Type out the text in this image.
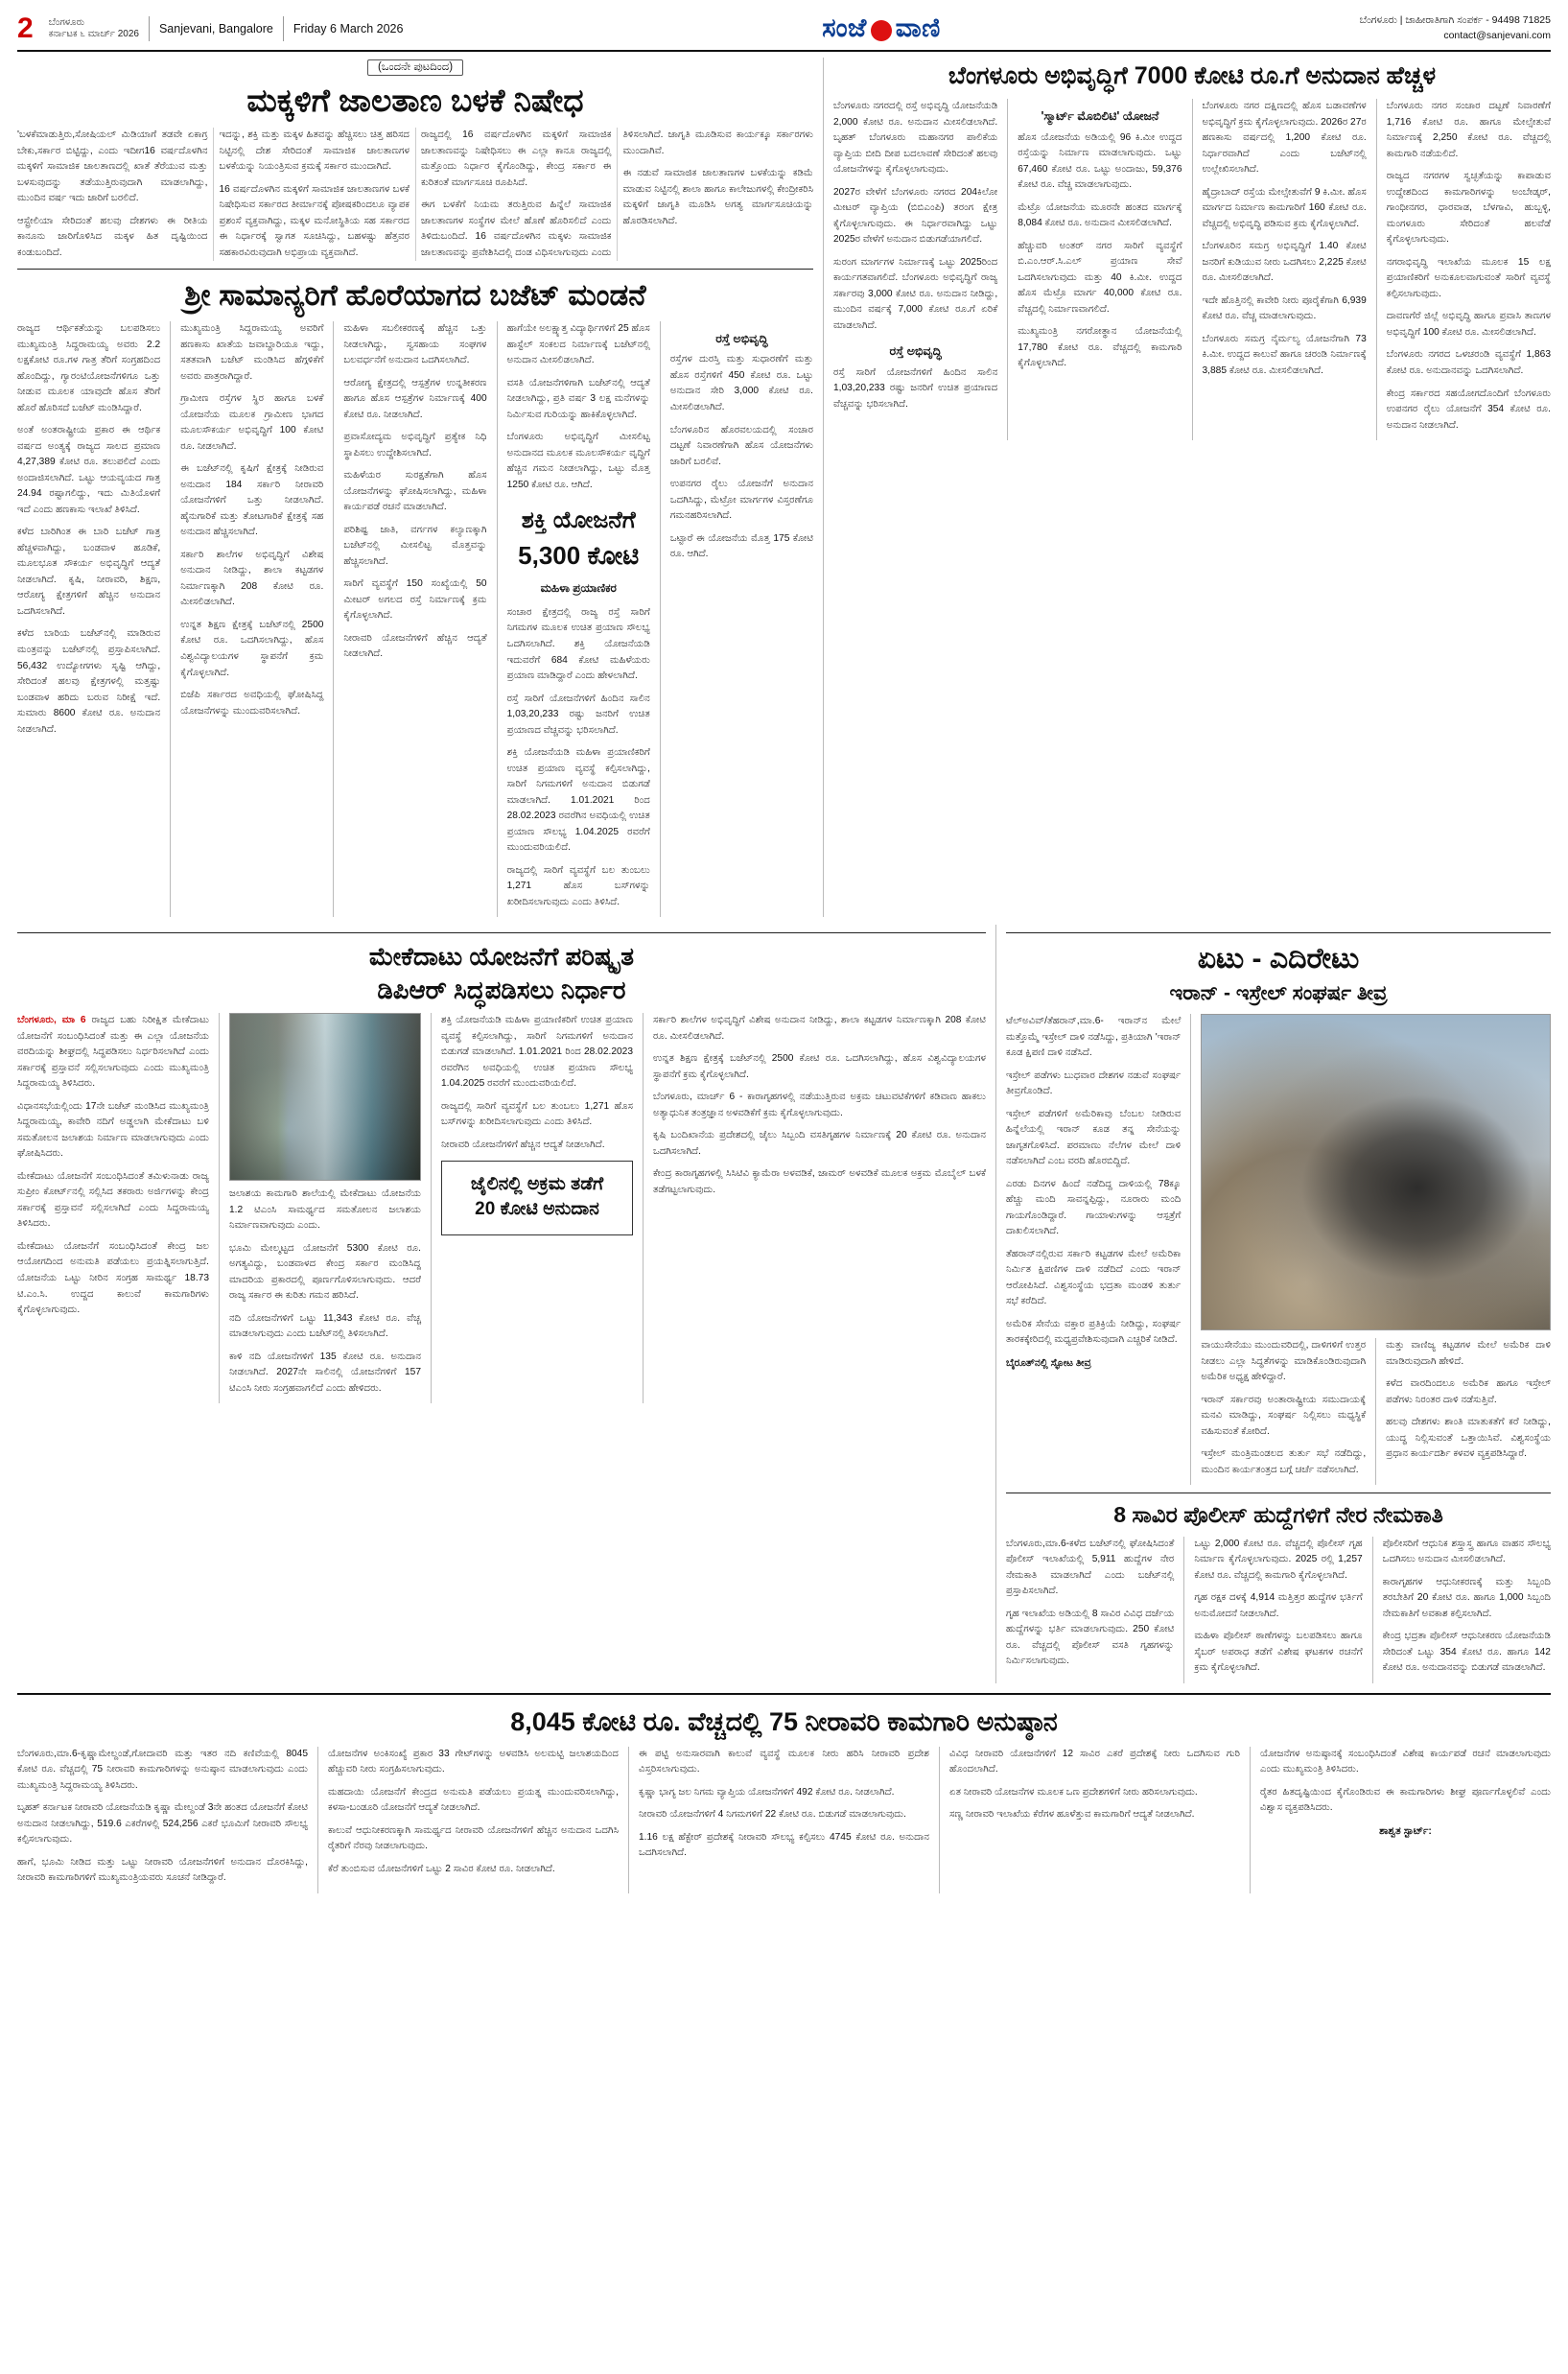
2	ಬೆಂಗಳೂರು
ಕರ್ನಾಟಕ ೬ ಮಾರ್ಚ್ 2026 Sanjevani, Bangalore Friday 6 March 2026	ಸಂಜೆ ವಾಣಿ	ಬೆಂಗಳೂರು | ಜಾಹೀರಾತಿಗಾಗಿ ಸಂಪರ್ಕ - 94498 71825
contact@sanjevani.com
(ಒಂದನೇ ಪುಟದಿಂದ)
ಮಕ್ಕಳಿಗೆ ಜಾಲತಾಣ ಬಳಕೆ ನಿಷೇಧ

'ಬಳಕೆಮಾಡುತ್ತಿರು,ಸೋಷಿಯಲ್‌ ಮಿಡಿಯಾಗೆ ತಡವೇ ಏಕಾಗ್ರ ಬೇಕು,ಸರ್ಕಾರ ಬಿಟ್ಟಿದ್ದು, ಎಂದು ಇದೀಗ16 ವರ್ಷದೊಳಗಿನ ಮಕ್ಕಳಿಗೆ ಸಾಮಾಜಿಕ ಜಾಲತಾಣದಲ್ಲಿ ಖಾತೆ ತೆರೆಯುವ ಮತ್ತು ಬಳಸುವುದನ್ನು ತಡೆಯುತ್ತಿರುವುದಾಗಿ ಮಾಡಲಾಗಿದ್ದು, ಮುಂದಿನ ವರ್ಷ ಇದು ಜಾರಿಗೆ ಬರಲಿದೆ.

ಆಸ್ಟ್ರೇಲಿಯಾ ಸೇರಿದಂತೆ ಹಲವು ದೇಶಗಳು ಈ ರೀತಿಯ ಕಾನೂನು ಜಾರಿಗೊಳಿಸಿದ ಮಕ್ಕಳ ಹಿತ ದೃಷ್ಟಿಯಿಂದ ಕಂಡುಬಂದಿದೆ.

ಇದನ್ನು, ಶಕ್ತಿ ಮತ್ತು ಮಕ್ಕಳ ಹಿತವನ್ನು ಹೆಚ್ಚಿಸಲು ಚಿತ್ತ ಹರಿಸದ ನಿಟ್ಟಿನಲ್ಲಿ ದೇಶ ಸೇರಿದಂತೆ ಸಾಮಾಜಿಕ ಜಾಲತಾಣಗಳ ಬಳಕೆಯನ್ನು ನಿಯಂತ್ರಿಸುವ ಕ್ರಮಕ್ಕೆ ಸರ್ಕಾರ ಮುಂದಾಗಿದೆ.

16 ವರ್ಷದೊಳಗಿನ ಮಕ್ಕಳಿಗೆ ಸಾಮಾಜಿಕ ಜಾಲತಾಣಗಳ ಬಳಕೆ ನಿಷೇಧಿಸುವ ಸರ್ಕಾರದ ತೀರ್ಮಾನಕ್ಕೆ ಪೋಷಕರಿಂದಲೂ ವ್ಯಾಪಕ ಪ್ರಶಂಸೆ ವ್ಯಕ್ತವಾಗಿದ್ದು, ಮಕ್ಕಳ ಮನೋಸ್ಥಿತಿಯ ಸಹ ಸರ್ಕಾರದ ಈ ನಿರ್ಧಾರಕ್ಕೆ ಸ್ವಾಗತ ಸೂಚಿಸಿದ್ದು, ಬಹಳಷ್ಟು ಹೆತ್ತವರ ಸಹಕಾರವಿರುವುದಾಗಿ ಅಭಿಪ್ರಾಯ ವ್ಯಕ್ತವಾಗಿದೆ.

ರಾಜ್ಯದಲ್ಲಿ 16 ವರ್ಷದೊಳಗಿನ ಮಕ್ಕಳಿಗೆ ಸಾಮಾಜಿಕ ಜಾಲತಾಣವನ್ನು ನಿಷೇಧಿಸಲು ಈ ಎಲ್ಲಾ ಕಾನೂ ರಾಜ್ಯದಲ್ಲಿ ಮತ್ತೊಂದು ನಿರ್ಧಾರ ಕೈಗೊಂಡಿದ್ದು, ಕೇಂದ್ರ ಸರ್ಕಾರ ಈ ಕುರಿತಂತೆ ಮಾರ್ಗಸೂಚಿ ರೂಪಿಸಿದೆ.

ಈಗ ಬಳಕೆಗೆ ನಿಯಮ ತರುತ್ತಿರುವ ಹಿನ್ನೆಲೆ ಸಾಮಾಜಿಕ ಜಾಲತಾಣಗಳ ಸಂಸ್ಥೆಗಳ ಮೇಲೆ ಹೊಣೆ ಹೊರಿಸಲಿದೆ ಎಂದು ತಿಳಿದುಬಂದಿದೆ. 16 ವರ್ಷದೊಳಗಿನ ಮಕ್ಕಳು ಸಾಮಾಜಿಕ ಜಾಲತಾಣವನ್ನು ಪ್ರವೇಶಿಸಿದಲ್ಲಿ ದಂಡ ವಿಧಿಸಲಾಗುವುದು ಎಂದು ತಿಳಿಸಲಾಗಿದೆ. ಜಾಗೃತಿ ಮೂಡಿಸುವ ಕಾರ್ಯಕ್ಕೂ ಸರ್ಕಾರಗಳು ಮುಂದಾಗಿವೆ.

ಈ ನಡುವೆ ಸಾಮಾಜಿಕ ಜಾಲತಾಣಗಳ ಬಳಕೆಯನ್ನು ಕಡಿಮೆ ಮಾಡುವ ನಿಟ್ಟಿನಲ್ಲಿ ಶಾಲಾ ಹಾಗೂ ಕಾಲೇಜುಗಳಲ್ಲಿ ಕೇಂದ್ರೀಕರಿಸಿ ಮಕ್ಕಳಿಗೆ ಜಾಗೃತಿ ಮೂಡಿಸಿ ಅಗತ್ಯ ಮಾರ್ಗಸೂಚಿಯನ್ನು ಹೊರಡಿಸಲಾಗಿದೆ.

ಶ್ರೀ ಸಾಮಾನ್ಯರಿಗೆ ಹೊರೆಯಾಗದ ಬಜೆಟ್‌ ಮಂಡನೆ

ರಾಜ್ಯದ ಆರ್ಥಿಕತೆಯನ್ನು ಬಲಪಡಿಸಲು ಮುಖ್ಯಮಂತ್ರಿ ಸಿದ್ದರಾಮಯ್ಯ ಅವರು 2.2 ಲಕ್ಷಕೋಟಿ ರೂ.ಗಳ ಗಾತ್ರ ತೆರಿಗೆ ಸಂಗ್ರಹದಿಂದ ಹೊಂದಿದ್ದು, ಗ್ಯಾರಂಟಿಯೋಜನೆಗಳಿಗೂ ಒತ್ತು ನೀಡುವ ಮೂಲಕ ಯಾವುದೇ ಹೊಸ ತೆರಿಗೆ ಹೊರೆ ಹೊರಿಸದೆ ಬಜೆಟ್‌ ಮಂಡಿಸಿದ್ದಾರೆ.

ಅಂತೆ ಅಂತರಾಷ್ಟ್ರೀಯ ಪ್ರಕಾರ ಈ ಆರ್ಥಿಕ ವರ್ಷದ ಅಂತ್ಯಕ್ಕೆ ರಾಜ್ಯದ ಸಾಲದ ಪ್ರಮಾಣ 4,27,389 ಕೋಟಿ ರೂ. ತಲುಪಲಿದೆ ಎಂದು ಅಂದಾಜಿಸಲಾಗಿದೆ. ಒಟ್ಟು ಆಯವ್ಯಯದ ಗಾತ್ರ 24.94 ರಷ್ಟಾಗಲಿದ್ದು, ಇದು ಮಿತಿಯೊಳಗೆ ಇದೆ ಎಂದು ಹಣಕಾಸು ಇಲಾಖೆ ತಿಳಿಸಿದೆ.

ಕಳೆದ ಬಾರಿಗಿಂತ ಈ ಬಾರಿ ಬಜೆಟ್‌ ಗಾತ್ರ ಹೆಚ್ಚಳವಾಗಿದ್ದು, ಬಂಡವಾಳ ಹೂಡಿಕೆ, ಮೂಲಭೂತ ಸೌಕರ್ಯ ಅಭಿವೃದ್ಧಿಗೆ ಆದ್ಯತೆ ನೀಡಲಾಗಿದೆ. ಕೃಷಿ, ನೀರಾವರಿ, ಶಿಕ್ಷಣ, ಆರೋಗ್ಯ ಕ್ಷೇತ್ರಗಳಿಗೆ ಹೆಚ್ಚಿನ ಅನುದಾನ ಒದಗಿಸಲಾಗಿದೆ.

ಕಳೆದ ಬಾರಿಯ ಬಜೆಟ್‌ನಲ್ಲಿ ಮಾಡಿರುವ ಮಂತ್ರವನ್ನು ಬಜೆಟ್‌ನಲ್ಲಿ ಪ್ರಸ್ತಾಪಿಸಲಾಗಿದೆ. 56,432 ಉದ್ಯೋಗಗಳು ಸೃಷ್ಟಿ ಆಗಿದ್ದು, ಸೇರಿದಂತೆ ಹಲವು ಕ್ಷೇತ್ರಗಳಲ್ಲಿ ಮತ್ತಷ್ಟು ಬಂಡವಾಳ ಹರಿದು ಬರುವ ನಿರೀಕ್ಷೆ ಇದೆ. ಸುಮಾರು 8600 ಕೋಟಿ ರೂ. ಅನುದಾನ ನೀಡಲಾಗಿದೆ.

ಮುಖ್ಯಮಂತ್ರಿ ಸಿದ್ದರಾಮಯ್ಯ ಅವರಿಗೆ ಹಣಕಾಸು ಖಾತೆಯ ಜವಾಬ್ದಾರಿಯೂ ಇದ್ದು, ಸತತವಾಗಿ ಬಜೆಟ್‌ ಮಂಡಿಸಿದ ಹೆಗ್ಗಳಿಕೆಗೆ ಅವರು ಪಾತ್ರರಾಗಿದ್ದಾರೆ.

ಗ್ರಾಮೀಣ ರಸ್ತೆಗಳ ಸ್ಥಿರ ಹಾಗೂ ಬಳಕೆ ಯೋಜನೆಯ ಮೂಲಕ ಗ್ರಾಮೀಣ ಭಾಗದ ಮೂಲಸೌಕರ್ಯ ಅಭಿವೃದ್ಧಿಗೆ 100 ಕೋಟಿ ರೂ. ನೀಡಲಾಗಿದೆ.

ಈ ಬಜೆಟ್‌ನಲ್ಲಿ ಕೃಷಿಗೆ ಕ್ಷೇತ್ರಕ್ಕೆ ನೀಡಿರುವ ಅನುದಾನ 184 ಸರ್ಕಾರಿ ನೀರಾವರಿ ಯೋಜನೆಗಳಿಗೆ ಒತ್ತು ನೀಡಲಾಗಿದೆ. ಹೈನುಗಾರಿಕೆ ಮತ್ತು ತೋಟಗಾರಿಕೆ ಕ್ಷೇತ್ರಕ್ಕೆ ಸಹ ಅನುದಾನ ಹೆಚ್ಚಿಸಲಾಗಿದೆ.

ಸರ್ಕಾರಿ ಶಾಲೆಗಳ ಅಭಿವೃದ್ಧಿಗೆ ವಿಶೇಷ ಅನುದಾನ ನೀಡಿದ್ದು, ಶಾಲಾ ಕಟ್ಟಡಗಳ ನಿರ್ಮಾಣಕ್ಕಾಗಿ 208 ಕೋಟಿ ರೂ. ಮೀಸಲಿಡಲಾಗಿದೆ.

ಉನ್ನತ ಶಿಕ್ಷಣ ಕ್ಷೇತ್ರಕ್ಕೆ ಬಜೆಟ್‌ನಲ್ಲಿ 2500 ಕೋಟಿ ರೂ. ಒದಗಿಸಲಾಗಿದ್ದು, ಹೊಸ ವಿಶ್ವವಿದ್ಯಾಲಯಗಳ ಸ್ಥಾಪನೆಗೆ ಕ್ರಮ ಕೈಗೊಳ್ಳಲಾಗಿದೆ.

ಬಿಜೆಪಿ ಸರ್ಕಾರದ ಅವಧಿಯಲ್ಲಿ ಘೋಷಿಸಿದ್ದ ಯೋಜನೆಗಳನ್ನು ಮುಂದುವರಿಸಲಾಗಿದೆ.

ಮಹಿಳಾ ಸಬಲೀಕರಣಕ್ಕೆ ಹೆಚ್ಚಿನ ಒತ್ತು ನೀಡಲಾಗಿದ್ದು, ಸ್ವಸಹಾಯ ಸಂಘಗಳ ಬಲವರ್ಧನೆಗೆ ಅನುದಾನ ಒದಗಿಸಲಾಗಿದೆ.

ಆರೋಗ್ಯ ಕ್ಷೇತ್ರದಲ್ಲಿ ಆಸ್ಪತ್ರೆಗಳ ಉನ್ನತೀಕರಣ ಹಾಗೂ ಹೊಸ ಆಸ್ಪತ್ರೆಗಳ ನಿರ್ಮಾಣಕ್ಕೆ 400 ಕೋಟಿ ರೂ. ನೀಡಲಾಗಿದೆ.

ಪ್ರವಾಸೋದ್ಯಮ ಅಭಿವೃದ್ಧಿಗೆ ಪ್ರತ್ಯೇಕ ನಿಧಿ ಸ್ಥಾಪಿಸಲು ಉದ್ದೇಶಿಸಲಾಗಿದೆ.

ಮಹಿಳೆಯರ ಸುರಕ್ಷತೆಗಾಗಿ ಹೊಸ ಯೋಜನೆಗಳನ್ನು ಘೋಷಿಸಲಾಗಿದ್ದು, ಮಹಿಳಾ ಕಾರ್ಯಪಡೆ ರಚನೆ ಮಾಡಲಾಗಿದೆ.

ಪರಿಶಿಷ್ಟ ಜಾತಿ, ವರ್ಗಗಳ ಕಲ್ಯಾಣಕ್ಕಾಗಿ ಬಜೆಟ್‌ನಲ್ಲಿ ಮೀಸಲಿಟ್ಟ ಮೊತ್ತವನ್ನು ಹೆಚ್ಚಿಸಲಾಗಿದೆ.

ಸಾರಿಗೆ ವ್ಯವಸ್ಥೆಗೆ 150 ಸಂಖ್ಯೆಯಲ್ಲಿ 50 ಮೀಟರ್ ಅಗಲದ ರಸ್ತೆ ನಿರ್ಮಾಣಕ್ಕೆ ಕ್ರಮ ಕೈಗೊಳ್ಳಲಾಗಿದೆ.

ನೀರಾವರಿ ಯೋಜನೆಗಳಿಗೆ ಹೆಚ್ಚಿನ ಆದ್ಯತೆ ನೀಡಲಾಗಿದೆ.

ಹಾಗೆಯೇ ಅಲಕ್ಷ್ಯಾತ್ತ ವಿದ್ಯಾರ್ಥಿಗಳಿಗೆ 25 ಹೊಸ ಹಾಸ್ಟೆಲ್‌ ಸಂಕಲದ ನಿರ್ಮಾಣಕ್ಕೆ ಬಜೆಟ್‌ನಲ್ಲಿ ಅನುದಾನ ಮೀಸಲಿಡಲಾಗಿದೆ.

ವಸತಿ ಯೋಜನೆಗಳಿಗಾಗಿ ಬಜೆಟ್‌ನಲ್ಲಿ ಆದ್ಯತೆ ನೀಡಲಾಗಿದ್ದು, ಪ್ರತಿ ವರ್ಷ 3 ಲಕ್ಷ ಮನೆಗಳನ್ನು ನಿರ್ಮಿಸುವ ಗುರಿಯನ್ನು ಹಾಕಿಕೊಳ್ಳಲಾಗಿದೆ.

ಬೆಂಗಳೂರು ಅಭಿವೃದ್ಧಿಗೆ ಮೀಸಲಿಟ್ಟ ಅನುದಾನದ ಮೂಲಕ ಮೂಲಸೌಕರ್ಯ ವೃದ್ಧಿಗೆ ಹೆಚ್ಚಿನ ಗಮನ ನೀಡಲಾಗಿದ್ದು, ಒಟ್ಟು ಮೊತ್ತ 1250 ಕೋಟಿ ರೂ. ಆಗಿದೆ.

ಶಕ್ತಿ ಯೋಜನೆಗೆ
5,300 ಕೋಟಿ
ಮಹಿಳಾ ಪ್ರಯಾಣಿಕರ

ಸಂಚಾರ ಕ್ಷೇತ್ರದಲ್ಲಿ ರಾಜ್ಯ ರಸ್ತೆ ಸಾರಿಗೆ ನಿಗಮಗಳ ಮೂಲಕ ಉಚಿತ ಪ್ರಯಾಣ ಸೌಲಭ್ಯ ಒದಗಿಸಲಾಗಿದೆ. ಶಕ್ತಿ ಯೋಜನೆಯಡಿ ಇದುವರೆಗೆ 684 ಕೋಟಿ ಮಹಿಳೆಯರು ಪ್ರಯಾಣ ಮಾಡಿದ್ದಾರೆ ಎಂದು ಹೇಳಲಾಗಿದೆ.

ರಸ್ತೆ ಸಾರಿಗೆ ಯೋಜನೆಗಳಿಗೆ ಹಿಂದಿನ ಸಾಲಿನ 1,03,20,233 ರಷ್ಟು ಜನರಿಗೆ ಉಚಿತ ಪ್ರಯಾಣದ ವೆಚ್ಚವನ್ನು ಭರಿಸಲಾಗಿದೆ.

ಶಕ್ತಿ ಯೋಜನೆಯಡಿ ಮಹಿಳಾ ಪ್ರಯಾಣಿಕರಿಗೆ ಉಚಿತ ಪ್ರಯಾಣ ವ್ಯವಸ್ಥೆ ಕಲ್ಪಿಸಲಾಗಿದ್ದು, ಸಾರಿಗೆ ನಿಗಮಗಳಿಗೆ ಅನುದಾನ ಬಿಡುಗಡೆ ಮಾಡಲಾಗಿದೆ. 1.01.2021 ರಿಂದ 28.02.2023 ರವರೆಗಿನ ಅವಧಿಯಲ್ಲಿ ಉಚಿತ ಪ್ರಯಾಣ ಸೌಲಭ್ಯ 1.04.2025 ರವರೆಗೆ ಮುಂದುವರಿಯಲಿದೆ.

ರಾಜ್ಯದಲ್ಲಿ ಸಾರಿಗೆ ವ್ಯವಸ್ಥೆಗೆ ಬಲ ತುಂಬಲು 1,271 ಹೊಸ ಬಸ್‌ಗಳನ್ನು ಖರೀದಿಸಲಾಗುವುದು ಎಂದು ತಿಳಿಸಿದೆ.

ರಸ್ತೆ ಅಭಿವೃದ್ಧಿ

ರಸ್ತೆಗಳ ದುರಸ್ತಿ ಮತ್ತು ಸುಧಾರಣೆಗೆ ಮತ್ತು ಹೊಸ ರಸ್ತೆಗಳಿಗೆ 450 ಕೋಟಿ ರೂ. ಒಟ್ಟು ಅನುದಾನ ಸೇರಿ 3,000 ಕೋಟಿ ರೂ. ಮೀಸಲಿಡಲಾಗಿದೆ.

ಬೆಂಗಳೂರಿನ ಹೊರವಲಯದಲ್ಲಿ ಸಂಚಾರ ದಟ್ಟಣೆ ನಿವಾರಣೆಗಾಗಿ ಹೊಸ ಯೋಜನೆಗಳು ಜಾರಿಗೆ ಬರಲಿವೆ.

ಉಪನಗರ ರೈಲು ಯೋಜನೆಗೆ ಅನುದಾನ ಒದಗಿಸಿದ್ದು, ಮೆಟ್ರೋ ಮಾರ್ಗಗಳ ವಿಸ್ತರಣೆಗೂ ಗಮನಹರಿಸಲಾಗಿದೆ.

ಒಟ್ಟಾರೆ ಈ ಯೋಜನೆಯ ಮೊತ್ತ 175 ಕೋಟಿ ರೂ. ಆಗಿದೆ.

ಬೆಂಗಳೂರು ಅಭಿವೃದ್ಧಿಗೆ 7000 ಕೋಟಿ ರೂ.ಗೆ ಅನುದಾನ ಹೆಚ್ಚಳ

ಬೆಂಗಳೂರು ನಗರದಲ್ಲಿ ರಸ್ತೆ ಅಭಿವೃದ್ಧಿ ಯೋಜನೆಯಡಿ 2,000 ಕೋಟಿ ರೂ. ಅನುದಾನ ಮೀಸಲಿಡಲಾಗಿದೆ. ಬೃಹತ್ ಬೆಂಗಳೂರು ಮಹಾನಗರ ಪಾಲಿಕೆಯ ವ್ಯಾಪ್ತಿಯ ಬೀದಿ ದೀಪ ಬದಲಾವಣೆ ಸೇರಿದಂತೆ ಹಲವು ಯೋಜನೆಗಳನ್ನು ಕೈಗೊಳ್ಳಲಾಗುವುದು.

2027ರ ವೇಳೆಗೆ ಬೆಂಗಳೂರು ನಗರದ 204ಕಿಲೋ ಮೀಟರ್ ವ್ಯಾಪ್ತಿಯ (ಬಿಬಿಎಂಪಿ) ತರಂಗ ಕ್ಷೇತ್ರ ಕೈಗೊಳ್ಳಲಾಗುವುದು. ಈ ನಿರ್ಧಾರವಾಗಿದ್ದು ಒಟ್ಟು 2025ರ ವೇಳೆಗೆ ಅನುದಾನ ಬಿಡುಗಡೆಯಾಗಲಿದೆ.

ಸುರಂಗ ಮಾರ್ಗಗಳ ನಿರ್ಮಾಣಕ್ಕೆ ಒಟ್ಟು 2025ರಿಂದ ಕಾರ್ಯಗತವಾಗಲಿದೆ. ಬೆಂಗಳೂರು ಅಭಿವೃದ್ಧಿಗೆ ರಾಜ್ಯ ಸರ್ಕಾರವು 3,000 ಕೋಟಿ ರೂ. ಅನುದಾನ ನೀಡಿದ್ದು, ಮುಂದಿನ ವರ್ಷಕ್ಕೆ 7,000 ಕೋಟಿ ರೂ.ಗೆ ಏರಿಕೆ ಮಾಡಲಾಗಿದೆ.

ರಸ್ತೆ ಅಭಿವೃದ್ಧಿ

ರಸ್ತೆ ಸಾರಿಗೆ ಯೋಜನೆಗಳಿಗೆ ಹಿಂದಿನ ಸಾಲಿನ 1,03,20,233 ರಷ್ಟು ಜನರಿಗೆ ಉಚಿತ ಪ್ರಯಾಣದ ವೆಚ್ಚವನ್ನು ಭರಿಸಲಾಗಿದೆ.

'ಸ್ಮಾರ್ಟ್‌ ಮೊಬಿಲಿಟಿ' ಯೋಜನೆ

ಹೊಸ ಯೋಜನೆಯ ಅಡಿಯಲ್ಲಿ 96 ಕಿ.ಮೀ ಉದ್ದದ ರಸ್ತೆಯನ್ನು ನಿರ್ಮಾಣ ಮಾಡಲಾಗುವುದು. ಒಟ್ಟು 67,460 ಕೋಟಿ ರೂ. ಒಟ್ಟು ಅಂದಾಜು, 59,376 ಕೋಟಿ ರೂ. ವೆಚ್ಚ ಮಾಡಲಾಗುವುದು.

ಮೆಟ್ರೊ ಯೋಜನೆಯ ಮೂರನೇ ಹಂತದ ಮಾರ್ಗಕ್ಕೆ 8,084 ಕೋಟಿ ರೂ. ಅನುದಾನ ಮೀಸಲಿಡಲಾಗಿದೆ.

ಹೆಚ್ಚುವರಿ ಅಂತರ್ ನಗರ ಸಾರಿಗೆ ವ್ಯವಸ್ಥೆಗೆ ಬಿ.ಎಂ.ಆರ್.ಸಿ.ಎಲ್ ಪ್ರಯಾಣ ಸೇವೆ ಒದಗಿಸಲಾಗುವುದು ಮತ್ತು 40 ಕಿ.ಮೀ. ಉದ್ದದ ಹೊಸ ಮೆಟ್ರೊ ಮಾರ್ಗ 40,000 ಕೋಟಿ ರೂ. ವೆಚ್ಚದಲ್ಲಿ ನಿರ್ಮಾಣವಾಗಲಿದೆ.

ಮುಖ್ಯಮಂತ್ರಿ ನಗರೋತ್ಥಾನ ಯೋಜನೆಯಲ್ಲಿ 17,780 ಕೋಟಿ ರೂ. ವೆಚ್ಚದಲ್ಲಿ ಕಾಮಗಾರಿ ಕೈಗೊಳ್ಳಲಾಗಿದೆ.

ಬೆಂಗಳೂರು ನಗರ ದಕ್ಷಿಣದಲ್ಲಿ ಹೊಸ ಬಡಾವಣೆಗಳ ಅಭಿವೃದ್ಧಿಗೆ ಕ್ರಮ ಕೈಗೊಳ್ಳಲಾಗುವುದು. 2026ರ 27ರ ಹಣಕಾಸು ವರ್ಷದಲ್ಲಿ 1,200 ಕೋಟಿ ರೂ. ನಿರ್ಧಾರವಾಗಿದೆ ಎಂದು ಬಜೆಟ್‌ನಲ್ಲಿ ಉಲ್ಲೇಖಿಸಲಾಗಿದೆ.

ಹೈದ್ರಾಬಾದ್ ರಸ್ತೆಯ ಮೇಲ್ಸೇತುವೆಗೆ 9 ಕಿ.ಮೀ. ಹೊಸ ಮಾರ್ಗದ ನಿರ್ಮಾಣ ಕಾಮಗಾರಿಗೆ 160 ಕೋಟಿ ರೂ. ವೆಚ್ಚದಲ್ಲಿ ಅಭಿವೃದ್ಧಿ ಪಡಿಸುವ ಕ್ರಮ ಕೈಗೊಳ್ಳಲಾಗಿದೆ.

ಬೆಂಗಳೂರಿನ ಸಮಗ್ರ ಅಭಿವೃದ್ಧಿಗೆ 1.40 ಕೋಟಿ ಜನರಿಗೆ ಕುಡಿಯುವ ನೀರು ಒದಗಿಸಲು 2,225 ಕೋಟಿ ರೂ. ಮೀಸಲಿಡಲಾಗಿದೆ.

ಇದೇ ಹೊತ್ತಿನಲ್ಲಿ ಕಾವೇರಿ ನೀರು ಪೂರೈಕೆಗಾಗಿ 6,939 ಕೋಟಿ ರೂ. ವೆಚ್ಚ ಮಾಡಲಾಗುವುದು.

ಬೆಂಗಳೂರು ಸಮಗ್ರ ನೈರ್ಮಲ್ಯ ಯೋಜನೆಗಾಗಿ 73 ಕಿ.ಮೀ. ಉದ್ದದ ಕಾಲುವೆ ಹಾಗೂ ಚರಂಡಿ ನಿರ್ಮಾಣಕ್ಕೆ 3,885 ಕೋಟಿ ರೂ. ಮೀಸಲಿಡಲಾಗಿದೆ.

ಬೆಂಗಳೂರು ನಗರ ಸಂಚಾರ ದಟ್ಟಣೆ ನಿವಾರಣೆಗೆ 1,716 ಕೋಟಿ ರೂ. ಹಾಗೂ ಮೇಲ್ಸೇತುವೆ ನಿರ್ಮಾಣಕ್ಕೆ 2,250 ಕೋಟಿ ರೂ. ವೆಚ್ಚದಲ್ಲಿ ಕಾಮಗಾರಿ ನಡೆಯಲಿದೆ.

ರಾಜ್ಯದ ನಗರಗಳ ಸ್ವಚ್ಛತೆಯನ್ನು ಕಾಪಾಡುವ ಉದ್ದೇಶದಿಂದ ಕಾಮಗಾರಿಗಳನ್ನು ಅಂಬೇಡ್ಕರ್, ಗಾಂಧೀನಗರ, ಧಾರವಾಡ, ಬೆಳಗಾವಿ, ಹುಬ್ಬಳ್ಳಿ, ಮಂಗಳೂರು ಸೇರಿದಂತೆ ಹಲವೆಡೆ ಕೈಗೊಳ್ಳಲಾಗುವುದು.

ನಗರಾಭಿವೃದ್ಧಿ ಇಲಾಖೆಯ ಮೂಲಕ 15 ಲಕ್ಷ ಪ್ರಯಾಣಿಕರಿಗೆ ಅನುಕೂಲವಾಗುವಂತೆ ಸಾರಿಗೆ ವ್ಯವಸ್ಥೆ ಕಲ್ಪಿಸಲಾಗುವುದು.

ದಾವಣಗೆರೆ ಜಿಲ್ಲೆ ಅಭಿವೃದ್ಧಿ ಹಾಗೂ ಪ್ರವಾಸಿ ತಾಣಗಳ ಅಭಿವೃದ್ಧಿಗೆ 100 ಕೋಟಿ ರೂ. ಮೀಸಲಿಡಲಾಗಿದೆ.

ಬೆಂಗಳೂರು ನಗರದ ಒಳಚರಂಡಿ ವ್ಯವಸ್ಥೆಗೆ 1,863 ಕೋಟಿ ರೂ. ಅನುದಾನವನ್ನು ಒದಗಿಸಲಾಗಿದೆ.

ಕೇಂದ್ರ ಸರ್ಕಾರದ ಸಹಯೋಗದೊಂದಿಗೆ ಬೆಂಗಳೂರು ಉಪನಗರ ರೈಲು ಯೋಜನೆಗೆ 354 ಕೋಟಿ ರೂ. ಅನುದಾನ ನೀಡಲಾಗಿದೆ.

ಮೇಕೆದಾಟು ಯೋಜನೆಗೆ ಪರಿಷ್ಕೃತ
ಡಿಪಿಆರ್ ಸಿದ್ಧಪಡಿಸಲು ನಿರ್ಧಾರ

ಬೆಂಗಳೂರು, ಮಾ 6 ರಾಜ್ಯದ ಬಹು ನಿರೀಕ್ಷಿತ ಮೇಕೆದಾಟು ಯೋಜನೆಗೆ ಸಂಬಂಧಿಸಿದಂತೆ ಮತ್ತು ಈ ಎಲ್ಲಾ ಯೋಜನೆಯ ವರದಿಯನ್ನು ಶೀಘ್ರದಲ್ಲಿ ಸಿದ್ಧಪಡಿಸಲು ನಿರ್ಧರಿಸಲಾಗಿದೆ ಎಂದು ಸರ್ಕಾರಕ್ಕೆ ಪ್ರಸ್ತಾವನೆ ಸಲ್ಲಿಸಲಾಗುವುದು ಎಂದು ಮುಖ್ಯಮಂತ್ರಿ ಸಿದ್ದರಾಮಯ್ಯ ತಿಳಿಸಿದರು.

ವಿಧಾನಸಭೆಯಲ್ಲಿಂದು 17ನೇ ಬಜೆಟ್ ಮಂಡಿಸಿದ ಮುಖ್ಯಮಂತ್ರಿ ಸಿದ್ದರಾಮಯ್ಯ, ಕಾವೇರಿ ನದಿಗೆ ಅಡ್ಡಲಾಗಿ ಮೇಕೆದಾಟು ಬಳಿ ಸಮತೋಲನ ಜಲಾಶಯ ನಿರ್ಮಾಣ ಮಾಡಲಾಗುವುದು ಎಂದು ಘೋಷಿಸಿದರು.

ಮೇಕೆದಾಟು ಯೋಜನೆಗೆ ಸಂಬಂಧಿಸಿದಂತೆ ತಮಿಳುನಾಡು ರಾಜ್ಯ ಸುಪ್ರೀಂ ಕೋರ್ಟ್‌ನಲ್ಲಿ ಸಲ್ಲಿಸಿದ ತಕರಾರು ಅರ್ಜಿಗಳನ್ನು ಕೇಂದ್ರ ಸರ್ಕಾರಕ್ಕೆ ಪ್ರಸ್ತಾವನೆ ಸಲ್ಲಿಸಲಾಗಿದೆ ಎಂದು ಸಿದ್ದರಾಮಯ್ಯ ತಿಳಿಸಿದರು.

ಮೇಕೆದಾಟು ಯೋಜನೆಗೆ ಸಂಬಂಧಿಸಿದಂತೆ ಕೇಂದ್ರ ಜಲ ಆಯೋಗದಿಂದ ಅನುಮತಿ ಪಡೆಯಲು ಪ್ರಯತ್ನಿಸಲಾಗುತ್ತಿದೆ. ಯೋಜನೆಯ ಒಟ್ಟು ನೀರಿನ ಸಂಗ್ರಹ ಸಾಮರ್ಥ್ಯ 18.73 ಟಿ.ಎಂ.ಸಿ. ಉದ್ದದ ಕಾಲುವೆ ಕಾಮಗಾರಿಗಳು ಕೈಗೊಳ್ಳಲಾಗುವುದು.

ಜಲಾಶಯ ಕಾಮಗಾರಿ ಶಾಲೆಯಲ್ಲಿ ಮೇಕೆದಾಟು ಯೋಜನೆಯ 1.2 ಟಿಎಂಸಿ ಸಾಮರ್ಥ್ಯದ ಸಮತೋಲನ ಜಲಾಶಯ ನಿರ್ಮಾಣವಾಗುವುದು ಎಂದು.

ಭೂಮಿ ಮೇಲ್ಮಟ್ಟದ ಯೋಜನೆಗೆ 5300 ಕೋಟಿ ರೂ. ಅಗತ್ಯವಿದ್ದು, ಬಂಡವಾಳದ ಕೇಂದ್ರ ಸರ್ಕಾರ ಮಂಡಿಸಿದ್ದ ಮಾದರಿಯ ಪ್ರಕಾರದಲ್ಲಿ ಪೂರ್ಣಗೊಳಿಸಲಾಗುವುದು. ಆದರೆ ರಾಜ್ಯ ಸರ್ಕಾರ ಈ ಕುರಿತು ಗಮನ ಹರಿಸಿದೆ.

ನದಿ ಯೋಜನೆಗಳಿಗೆ ಒಟ್ಟು 11,343 ಕೋಟಿ ರೂ. ವೆಚ್ಚ ಮಾಡಲಾಗುವುದು ಎಂದು ಬಜೆಟ್‌ನಲ್ಲಿ ತಿಳಿಸಲಾಗಿದೆ.

ಕಾಳಿ ನದಿ ಯೋಜನೆಗಳಿಗೆ 135 ಕೋಟಿ ರೂ. ಅನುದಾನ ನೀಡಲಾಗಿದೆ. 2027ನೇ ಸಾಲಿನಲ್ಲಿ ಯೋಜನೆಗಳಿಗೆ 157 ಟಿಎಂಸಿ ನೀರು ಸಂಗ್ರಹವಾಗಲಿದೆ ಎಂದು ಹೇಳಿದರು.

ಶಕ್ತಿ ಯೋಜನೆಯಡಿ ಮಹಿಳಾ ಪ್ರಯಾಣಿಕರಿಗೆ ಉಚಿತ ಪ್ರಯಾಣ ವ್ಯವಸ್ಥೆ ಕಲ್ಪಿಸಲಾಗಿದ್ದು, ಸಾರಿಗೆ ನಿಗಮಗಳಿಗೆ ಅನುದಾನ ಬಿಡುಗಡೆ ಮಾಡಲಾಗಿದೆ. 1.01.2021 ರಿಂದ 28.02.2023 ರವರೆಗಿನ ಅವಧಿಯಲ್ಲಿ ಉಚಿತ ಪ್ರಯಾಣ ಸೌಲಭ್ಯ 1.04.2025 ರವರೆಗೆ ಮುಂದುವರಿಯಲಿದೆ.

ರಾಜ್ಯದಲ್ಲಿ ಸಾರಿಗೆ ವ್ಯವಸ್ಥೆಗೆ ಬಲ ತುಂಬಲು 1,271 ಹೊಸ ಬಸ್‌ಗಳನ್ನು ಖರೀದಿಸಲಾಗುವುದು ಎಂದು ತಿಳಿಸಿದೆ.

ನೀರಾವರಿ ಯೋಜನೆಗಳಿಗೆ ಹೆಚ್ಚಿನ ಆದ್ಯತೆ ನೀಡಲಾಗಿದೆ.

ಜೈಲಿನಲ್ಲಿ ಅಕ್ರಮ ತಡೆಗೆ
20 ಕೋಟಿ ಅನುದಾನ

ಸರ್ಕಾರಿ ಶಾಲೆಗಳ ಅಭಿವೃದ್ಧಿಗೆ ವಿಶೇಷ ಅನುದಾನ ನೀಡಿದ್ದು, ಶಾಲಾ ಕಟ್ಟಡಗಳ ನಿರ್ಮಾಣಕ್ಕಾಗಿ 208 ಕೋಟಿ ರೂ. ಮೀಸಲಿಡಲಾಗಿದೆ.

ಉನ್ನತ ಶಿಕ್ಷಣ ಕ್ಷೇತ್ರಕ್ಕೆ ಬಜೆಟ್‌ನಲ್ಲಿ 2500 ಕೋಟಿ ರೂ. ಒದಗಿಸಲಾಗಿದ್ದು, ಹೊಸ ವಿಶ್ವವಿದ್ಯಾಲಯಗಳ ಸ್ಥಾಪನೆಗೆ ಕ್ರಮ ಕೈಗೊಳ್ಳಲಾಗಿದೆ.

ಬೆಂಗಳೂರು, ಮಾರ್ಚ್ 6 - ಕಾರಾಗೃಹಗಳಲ್ಲಿ ನಡೆಯುತ್ತಿರುವ ಅಕ್ರಮ ಚಟುವಟಿಕೆಗಳಿಗೆ ಕಡಿವಾಣ ಹಾಕಲು ಅತ್ಯಾಧುನಿಕ ತಂತ್ರಜ್ಞಾನ ಅಳವಡಿಕೆಗೆ ಕ್ರಮ ಕೈಗೊಳ್ಳಲಾಗುವುದು.

ಕೃಷಿ ಬಂದಿಖಾನೆಯ ಪ್ರದೇಶದಲ್ಲಿ ಜೈಲು ಸಿಬ್ಬಂದಿ ವಸತಿಗೃಹಗಳ ನಿರ್ಮಾಣಕ್ಕೆ 20 ಕೋಟಿ ರೂ. ಅನುದಾನ ಒದಗಿಸಲಾಗಿದೆ.

ಕೇಂದ್ರ ಕಾರಾಗೃಹಗಳಲ್ಲಿ ಸಿಸಿಟಿವಿ ಕ್ಯಾಮೆರಾ ಅಳವಡಿಕೆ, ಜಾಮರ್ ಅಳವಡಿಕೆ ಮೂಲಕ ಅಕ್ರಮ ಮೊಬೈಲ್‌ ಬಳಕೆ ತಡೆಗಟ್ಟಲಾಗುವುದು.

ಏಟು - ಎದಿರೇಟು
ಇರಾನ್ - ಇಸ್ರೇಲ್ ಸಂಘರ್ಷ ತೀವ್ರ

ಟೆಲ್‌ಅವಿವ್/ತೆಹರಾನ್,ಮಾ.6- ಇರಾನ್‌ನ ಮೇಲೆ ಮತ್ತೊಮ್ಮೆ ಇಸ್ರೇಲ್ ದಾಳಿ ನಡೆಸಿದ್ದು, ಪ್ರತಿಯಾಗಿ 'ಇರಾನ್ ಕೂಡ ಕ್ಷಿಪಣಿ ದಾಳಿ ನಡೆಸಿದೆ.

ಇಸ್ರೇಲ್ ಪಡೆಗಳು ಬುಧವಾರ ದೇಶಗಳ ನಡುವೆ ಸಂಘರ್ಷ ತೀವ್ರಗೊಂಡಿದೆ.

ಇಸ್ರೇಲ್ ಪಡೆಗಳಿಗೆ ಅಮೆರಿಕಾವು ಬೆಂಬಲ ನೀಡಿರುವ ಹಿನ್ನೆಲೆಯಲ್ಲಿ ಇರಾನ್ ಕೂಡ ತನ್ನ ಸೇನೆಯನ್ನು ಜಾಗೃತಗೊಳಿಸಿದೆ. ಪರಮಾಣು ನೆಲೆಗಳ ಮೇಲೆ ದಾಳಿ ನಡೆಸಲಾಗಿದೆ ಎಂಬ ವರದಿ ಹೊರಬಿದ್ದಿದೆ.

ಎರಡು ದಿನಗಳ ಹಿಂದೆ ನಡೆದಿದ್ದ ದಾಳಿಯಲ್ಲಿ 78ಕ್ಕೂ ಹೆಚ್ಚು ಮಂದಿ ಸಾವನ್ನಪ್ಪಿದ್ದು, ನೂರಾರು ಮಂದಿ ಗಾಯಗೊಂಡಿದ್ದಾರೆ. ಗಾಯಾಳುಗಳನ್ನು ಆಸ್ಪತ್ರೆಗೆ ದಾಖಲಿಸಲಾಗಿದೆ.

ತೆಹರಾನ್‌ನಲ್ಲಿರುವ ಸರ್ಕಾರಿ ಕಟ್ಟಡಗಳ ಮೇಲೆ ಅಮೆರಿಕಾ ನಿರ್ಮಿತ ಕ್ಷಿಪಣಿಗಳ ದಾಳಿ ನಡೆದಿದೆ ಎಂದು ಇರಾನ್ ಆರೋಪಿಸಿದೆ. ವಿಶ್ವಸಂಸ್ಥೆಯ ಭದ್ರತಾ ಮಂಡಳಿ ತುರ್ತು ಸಭೆ ಕರೆದಿದೆ.

ಅಮೆರಿಕ ಸೇನೆಯ ವಕ್ತಾರ ಪ್ರತಿಕ್ರಿಯೆ ನೀಡಿದ್ದು, ಸಂಘರ್ಷ ತಾರಕಕ್ಕೇರಿದಲ್ಲಿ ಮಧ್ಯಪ್ರವೇಶಿಸುವುದಾಗಿ ಎಚ್ಚರಿಕೆ ನೀಡಿದೆ.

ಬೈರೂತ್‌ನಲ್ಲಿ ಸ್ಫೋಟ ತೀವ್ರ

ವಾಯುಸೇನೆಯು ಮುಂದುವರಿದಲ್ಲಿ, ದಾಳಿಗಳಿಗೆ ಉತ್ತರ ನೀಡಲು ಎಲ್ಲಾ ಸಿದ್ಧತೆಗಳನ್ನು ಮಾಡಿಕೊಂಡಿರುವುದಾಗಿ ಅಮೆರಿಕ ಅಧ್ಯಕ್ಷ ಹೇಳಿದ್ದಾರೆ.

ಇರಾನ್ ಸರ್ಕಾರವು ಅಂತಾರಾಷ್ಟ್ರೀಯ ಸಮುದಾಯಕ್ಕೆ ಮನವಿ ಮಾಡಿದ್ದು, ಸಂಘರ್ಷ ನಿಲ್ಲಿಸಲು ಮಧ್ಯಸ್ಥಿಕೆ ವಹಿಸುವಂತೆ ಕೋರಿದೆ.

ಇಸ್ರೇಲ್ ಮಂತ್ರಿಮಂಡಲದ ತುರ್ತು ಸಭೆ ನಡೆದಿದ್ದು, ಮುಂದಿನ ಕಾರ್ಯತಂತ್ರದ ಬಗ್ಗೆ ಚರ್ಚೆ ನಡೆಸಲಾಗಿದೆ.

ಮತ್ತು ವಾಣಿಜ್ಯ ಕಟ್ಟಡಗಳ ಮೇಲೆ ಅಮೆರಿಕ ದಾಳಿ ಮಾಡಿರುವುದಾಗಿ ಹೇಳಿದೆ.

ಕಳೆದ ವಾರದಿಂದಲೂ ಅಮೆರಿಕ ಹಾಗೂ ಇಸ್ರೇಲ್ ಪಡೆಗಳು ನಿರಂತರ ದಾಳಿ ನಡೆಸುತ್ತಿವೆ.

ಹಲವು ದೇಶಗಳು ಶಾಂತಿ ಮಾತುಕತೆಗೆ ಕರೆ ನೀಡಿದ್ದು, ಯುದ್ಧ ನಿಲ್ಲಿಸುವಂತೆ ಒತ್ತಾಯಿಸಿವೆ. ವಿಶ್ವಸಂಸ್ಥೆಯ ಪ್ರಧಾನ ಕಾರ್ಯದರ್ಶಿ ಕಳವಳ ವ್ಯಕ್ತಪಡಿಸಿದ್ದಾರೆ.

8 ಸಾವಿರ ಪೊಲೀಸ್ ಹುದ್ದೆಗಳಿಗೆ ನೇರ ನೇಮಕಾತಿ

ಬೆಂಗಳೂರು,ಮಾ.6-ಕಳೆದ ಬಜೆಟ್‌ನಲ್ಲಿ ಘೋಷಿಸಿದಂತೆ ಪೊಲೀಸ್ ಇಲಾಖೆಯಲ್ಲಿ 5,911 ಹುದ್ದೆಗಳ ನೇರ ನೇಮಕಾತಿ ಮಾಡಲಾಗಿದೆ ಎಂದು ಬಜೆಟ್‌ನಲ್ಲಿ ಪ್ರಸ್ತಾಪಿಸಲಾಗಿದೆ.

ಗೃಹ ಇಲಾಖೆಯ ಅಡಿಯಲ್ಲಿ 8 ಸಾವಿರ ವಿವಿಧ ದರ್ಜೆಯ ಹುದ್ದೆಗಳನ್ನು ಭರ್ತಿ ಮಾಡಲಾಗುವುದು. 250 ಕೋಟಿ ರೂ. ವೆಚ್ಚದಲ್ಲಿ ಪೊಲೀಸ್ ವಸತಿ ಗೃಹಗಳನ್ನು ನಿರ್ಮಿಸಲಾಗುವುದು.

ಒಟ್ಟು 2,000 ಕೋಟಿ ರೂ. ವೆಚ್ಚದಲ್ಲಿ ಪೊಲೀಸ್ ಗೃಹ ನಿರ್ಮಾಣ ಕೈಗೊಳ್ಳಲಾಗುವುದು. 2025 ರಲ್ಲಿ 1,257 ಕೋಟಿ ರೂ. ವೆಚ್ಚದಲ್ಲಿ ಕಾಮಗಾರಿ ಕೈಗೊಳ್ಳಲಾಗಿದೆ.

ಗೃಹ ರಕ್ಷಕ ದಳಕ್ಕೆ 4,914 ಮತ್ತಿತ್ತರ ಹುದ್ದೆಗಳ ಭರ್ತಿಗೆ ಅನುಮೋದನೆ ನೀಡಲಾಗಿದೆ.

ಮಹಿಳಾ ಪೊಲೀಸ್ ಠಾಣೆಗಳನ್ನು ಬಲಪಡಿಸಲು ಹಾಗೂ ಸೈಬರ್ ಅಪರಾಧ ತಡೆಗೆ ವಿಶೇಷ ಘಟಕಗಳ ರಚನೆಗೆ ಕ್ರಮ ಕೈಗೊಳ್ಳಲಾಗಿದೆ.

ಪೊಲೀಸರಿಗೆ ಆಧುನಿಕ ಶಸ್ತ್ರಾಸ್ತ್ರ ಹಾಗೂ ವಾಹನ ಸೌಲಭ್ಯ ಒದಗಿಸಲು ಅನುದಾನ ಮೀಸಲಿಡಲಾಗಿದೆ.

ಕಾರಾಗೃಹಗಳ ಆಧುನೀಕರಣಕ್ಕೆ ಮತ್ತು ಸಿಬ್ಬಂದಿ ತರಬೇತಿಗೆ 20 ಕೋಟಿ ರೂ. ಹಾಗೂ 1,000 ಸಿಬ್ಬಂದಿ ನೇಮಕಾತಿಗೆ ಅವಕಾಶ ಕಲ್ಪಿಸಲಾಗಿದೆ.

ಕೇಂದ್ರ ಭದ್ರತಾ ಪೊಲೀಸ್ ಆಧುನೀಕರಣ ಯೋಜನೆಯಡಿ ಸೇರಿದಂತೆ ಒಟ್ಟು 354 ಕೋಟಿ ರೂ. ಹಾಗೂ 142 ಕೋಟಿ ರೂ. ಅನುದಾನವನ್ನು ಬಿಡುಗಡೆ ಮಾಡಲಾಗಿದೆ.

8,045 ಕೋಟಿ ರೂ. ವೆಚ್ಚದಲ್ಲಿ 75 ನೀರಾವರಿ ಕಾಮಗಾರಿ ಅನುಷ್ಠಾನ

ಬೆಂಗಳೂರು,ಮಾ.6-ಕೃಷ್ಣಾಮೇಲ್ದಂಡೆ,ಗೋದಾವರಿ ಮತ್ತು ಇತರ ನದಿ ಕಣಿವೆಯಲ್ಲಿ 8045 ಕೋಟಿ ರೂ. ವೆಚ್ಚದಲ್ಲಿ 75 ನೀರಾವರಿ ಕಾಮಗಾರಿಗಳನ್ನು ಅನುಷ್ಠಾನ ಮಾಡಲಾಗುವುದು ಎಂದು ಮುಖ್ಯಮಂತ್ರಿ ಸಿದ್ದರಾಮಯ್ಯ ತಿಳಿಸಿದರು.

ಬೃಹತ್ ಕರ್ನಾಟಕ ನೀರಾವರಿ ಯೋಜನೆಯಡಿ ಕೃಷ್ಣಾ ಮೇಲ್ದಂಡೆ 3ನೇ ಹಂತದ ಯೋಜನೆಗೆ ಕೋಟಿ ಅನುದಾನ ನೀಡಲಾಗಿದ್ದು, 519.6 ಎಕರೆಗಳಲ್ಲಿ 524,256 ಎಕರೆ ಭೂಮಿಗೆ ನೀರಾವರಿ ಸೌಲಭ್ಯ ಕಲ್ಪಿಸಲಾಗುವುದು.

ಹಾಗೆ, ಭೂಮಿ ನೀಡಿದ ಮತ್ತು ಒಟ್ಟು ನೀರಾವರಿ ಯೋಜನೆಗಳಿಗೆ ಅನುದಾನ ದೊರಕಿಸಿದ್ದು, ನೀರಾವರಿ ಕಾಮಗಾರಿಗಳಿಗೆ ಮುಖ್ಯಮಂತ್ರಿಯವರು ಸೂಚನೆ ನೀಡಿದ್ದಾರೆ.

ಯೋಜನೆಗಳ ಅಂಕಿಸಂಖ್ಯೆ ಪ್ರಕಾರ 33 ಗೇಟ್‌ಗಳನ್ನು ಅಳವಡಿಸಿ ಅಲಮಟ್ಟಿ ಜಲಾಶಯದಿಂದ ಹೆಚ್ಚುವರಿ ನೀರು ಸಂಗ್ರಹಿಸಲಾಗುವುದು.

ಮಹದಾಯಿ ಯೋಜನೆಗೆ ಕೇಂದ್ರದ ಅನುಮತಿ ಪಡೆಯಲು ಪ್ರಯತ್ನ ಮುಂದುವರಿಸಲಾಗಿದ್ದು, ಕಳಸಾ-ಬಂಡೂರಿ ಯೋಜನೆಗೆ ಆದ್ಯತೆ ನೀಡಲಾಗಿದೆ.

ಕಾಲುವೆ ಆಧುನೀಕರಣಕ್ಕಾಗಿ ಸಾಮರ್ಥ್ಯದ ನೀರಾವರಿ ಯೋಜನೆಗಳಿಗೆ ಹೆಚ್ಚಿನ ಅನುದಾನ ಒದಗಿಸಿ ರೈತರಿಗೆ ನೆರವು ನೀಡಲಾಗುವುದು.

ಕೆರೆ ತುಂಬಿಸುವ ಯೋಜನೆಗಳಿಗೆ ಒಟ್ಟು 2 ಸಾವಿರ ಕೋಟಿ ರೂ. ನೀಡಲಾಗಿದೆ.

ಈ ಪಟ್ಟಿ ಅನುಸಾರವಾಗಿ ಕಾಲುವೆ ವ್ಯವಸ್ಥೆ ಮೂಲಕ ನೀರು ಹರಿಸಿ ನೀರಾವರಿ ಪ್ರದೇಶ ವಿಸ್ತರಿಸಲಾಗುವುದು.

ಕೃಷ್ಣಾ ಭಾಗ್ಯ ಜಲ ನಿಗಮ ವ್ಯಾಪ್ತಿಯ ಯೋಜನೆಗಳಿಗೆ 492 ಕೋಟಿ ರೂ. ನೀಡಲಾಗಿದೆ.

ನೀರಾವರಿ ಯೋಜನೆಗಳಿಗೆ 4 ನಿಗಮಗಳಿಗೆ 22 ಕೋಟಿ ರೂ. ಬಿಡುಗಡೆ ಮಾಡಲಾಗುವುದು.

1.16 ಲಕ್ಷ ಹೆಕ್ಟೇರ್ ಪ್ರದೇಶಕ್ಕೆ ನೀರಾವರಿ ಸೌಲಭ್ಯ ಕಲ್ಪಿಸಲು 4745 ಕೋಟಿ ರೂ. ಅನುದಾನ ಒದಗಿಸಲಾಗಿದೆ.

ವಿವಿಧ ನೀರಾವರಿ ಯೋಜನೆಗಳಿಗೆ 12 ಸಾವಿರ ಎಕರೆ ಪ್ರದೇಶಕ್ಕೆ ನೀರು ಒದಗಿಸುವ ಗುರಿ ಹೊಂದಲಾಗಿದೆ.

ಏತ ನೀರಾವರಿ ಯೋಜನೆಗಳ ಮೂಲಕ ಒಣ ಪ್ರದೇಶಗಳಿಗೆ ನೀರು ಹರಿಸಲಾಗುವುದು.

ಸಣ್ಣ ನೀರಾವರಿ ಇಲಾಖೆಯ ಕೆರೆಗಳ ಹೂಳೆತ್ತುವ ಕಾಮಗಾರಿಗೆ ಆದ್ಯತೆ ನೀಡಲಾಗಿದೆ.

ಯೋಜನೆಗಳ ಅನುಷ್ಠಾನಕ್ಕೆ ಸಂಬಂಧಿಸಿದಂತೆ ವಿಶೇಷ ಕಾರ್ಯಪಡೆ ರಚನೆ ಮಾಡಲಾಗುವುದು ಎಂದು ಮುಖ್ಯಮಂತ್ರಿ ತಿಳಿಸಿದರು.

ರೈತರ ಹಿತದೃಷ್ಟಿಯಿಂದ ಕೈಗೊಂಡಿರುವ ಈ ಕಾಮಗಾರಿಗಳು ಶೀಘ್ರ ಪೂರ್ಣಗೊಳ್ಳಲಿವೆ ಎಂದು ವಿಶ್ವಾಸ ವ್ಯಕ್ತಪಡಿಸಿದರು.

ಶಾಶ್ವತ ಸ್ಟಾರ್ಟ್:
